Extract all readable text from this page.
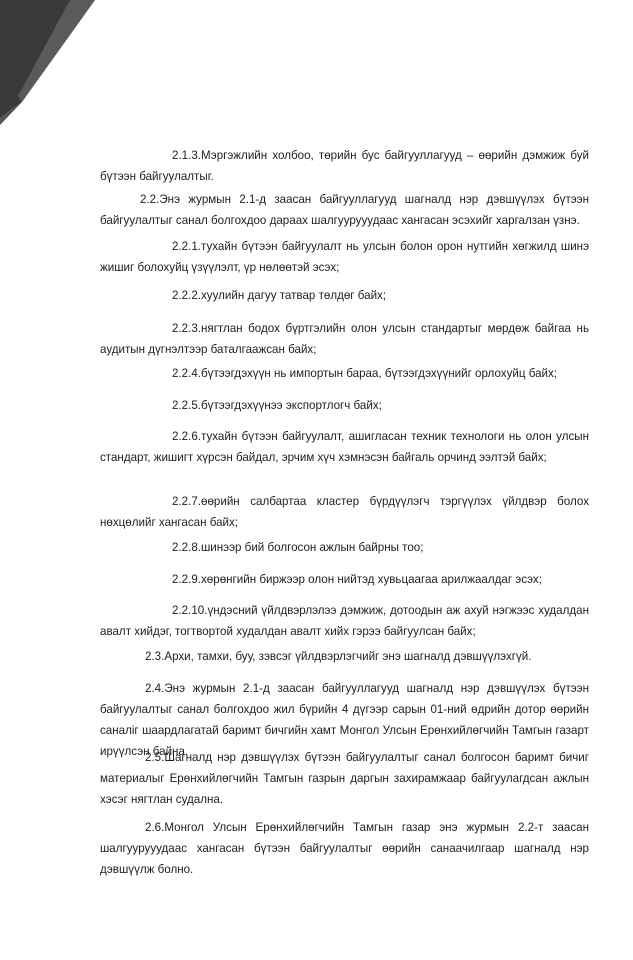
2.1.3.Мэргэжлийн холбоо, төрийн бус байгууллагууд – өөрийн дэмжиж буй бүтээн байгуулалтыг.

2.2.Энэ журмын 2.1-д заасан байгууллагууд шагналд нэр дэвшүүлэх бүтээн байгуулалтыг санал болгохдоо дараах шалгуурууудаас хангасан эсэхийг харгалзан үзнэ.

2.2.1.тухайн бүтээн байгуулалт нь улсын болон орон нутгийн хөгжилд шинэ жишиг болохуйц үзүүлэлт, үр нөлөөтэй эсэх;

2.2.2.хуулийн дагуу татвар төлдөг байх;

2.2.3.нягтлан бодох бүртгэлийн олон улсын стандартыг мөрдөж байгаа нь аудитын дүгнэлтээр баталгаажсан байх;

2.2.4.бүтээгдэхүүн нь импортын бараа, бүтээгдэхүүнийг орлохуйц байх;

2.2.5.бүтээгдэхүүнээ экспортлогч байх;

2.2.6.тухайн бүтээн байгуулалт, ашигласан техник технологи нь олон улсын стандарт, жишигт хүрсэн байдал, эрчим хүч хэмнэсэн байгаль орчинд ээлтэй байх;

2.2.7.өөрийн салбартаа кластер бүрдүүлэгч тэргүүлэх үйлдвэр болох нөхцөлийг хангасан байх;

2.2.8.шинээр бий болгосон ажлын байрны тоо;

2.2.9.хөрөнгийн биржээр олон нийтэд хувьцаагаа арилжаалдаг эсэх;

2.2.10.үндэсний үйлдвэрлэлээ дэмжиж, дотоодын аж ахуй нэгжээс худалдан авалт хийдэг, тогтвортой худалдан авалт хийх гэрээ байгуулсан байх;

2.3.Архи, тамхи, буу, зэвсэг үйлдвэрлэгчийг энэ шагналд дэвшүүлэхгүй.

2.4.Энэ журмын 2.1-д заасан байгууллагууд шагналд нэр дэвшүүлэх бүтээн байгуулалтыг санал болгохдоо жил бүрийн 4 дүгээр сарын 01-ний өдрийн дотор өөрийн саналіг шаардлагатай баримт бичгийн хамт Монгол Улсын Ерөнхийлөгчийн Тамгын газарт ирүүлсэн байна.

2.5.Шагналд нэр дэвшүүлэх бүтээн байгуулалтыг санал болгосон баримт бичиг материалыг Ерөнхийлөгчийн Тамгын газрын даргын захирамжаар байгуулагдсан ажлын хэсэг нягтлан судална.

2.6.Монгол Улсын Ерөнхийлөгчийн Тамгын газар энэ журмын 2.2-т заасан шалгуурууудаас хангасан бүтээн байгуулалтыг өөрийн санаачилгаар шагналд нэр дэвшүүлж болно.
